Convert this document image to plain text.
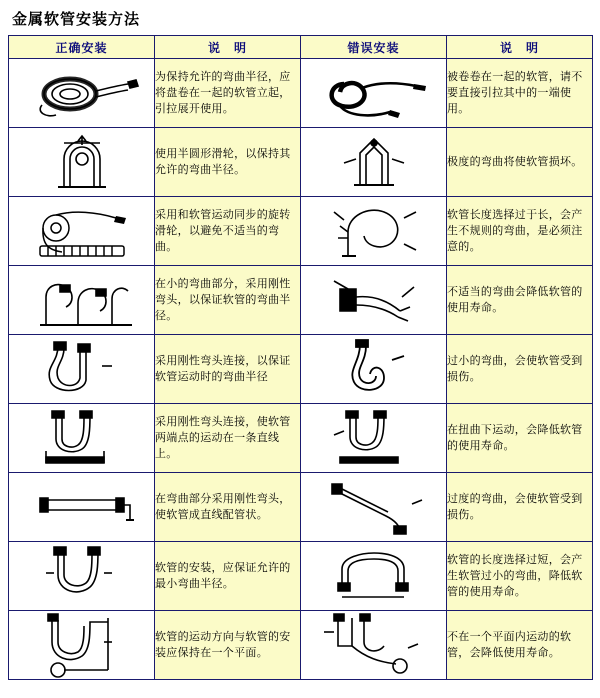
金属软管安装方法
正确安装	说　明	错误安装	说　明

	为保持允许的弯曲半径，应将盘卷在一起的软管立起，引拉展开使用。		被卷卷在一起的软管，请不要直接引拉其中的一端使用。

	使用半圆形滑轮，以保持其允许的弯曲半径。		极度的弯曲将使软管损坏。

	采用和软管运动同步的旋转滑轮，以避免不适当的弯曲。		软管长度选择过于长，会产生不规则的弯曲，是必须注意的。

	在小的弯曲部分，采用刚性弯头，以保证软管的弯曲半径。		不适当的弯曲会降低软管的使用寿命。

	采用刚性弯头连接，以保证软管运动时的弯曲半径		过小的弯曲，会使软管受到损伤。

	采用刚性弯头连接，使软管两端点的运动在一条直线上。		在扭曲下运动，会降低软管的使用寿命。

	在弯曲部分采用刚性弯头，使软管成直线配管状。		过度的弯曲，会使软管受到损伤。

	软管的安装，应保证允许的最小弯曲半径。		软管的长度选择过短，会产生软管过小的弯曲，降低软管的使用寿命。

	软管的运动方向与软管的安装应保持在一个平面。		不在一个平面内运动的软管，会降低使用寿命。
